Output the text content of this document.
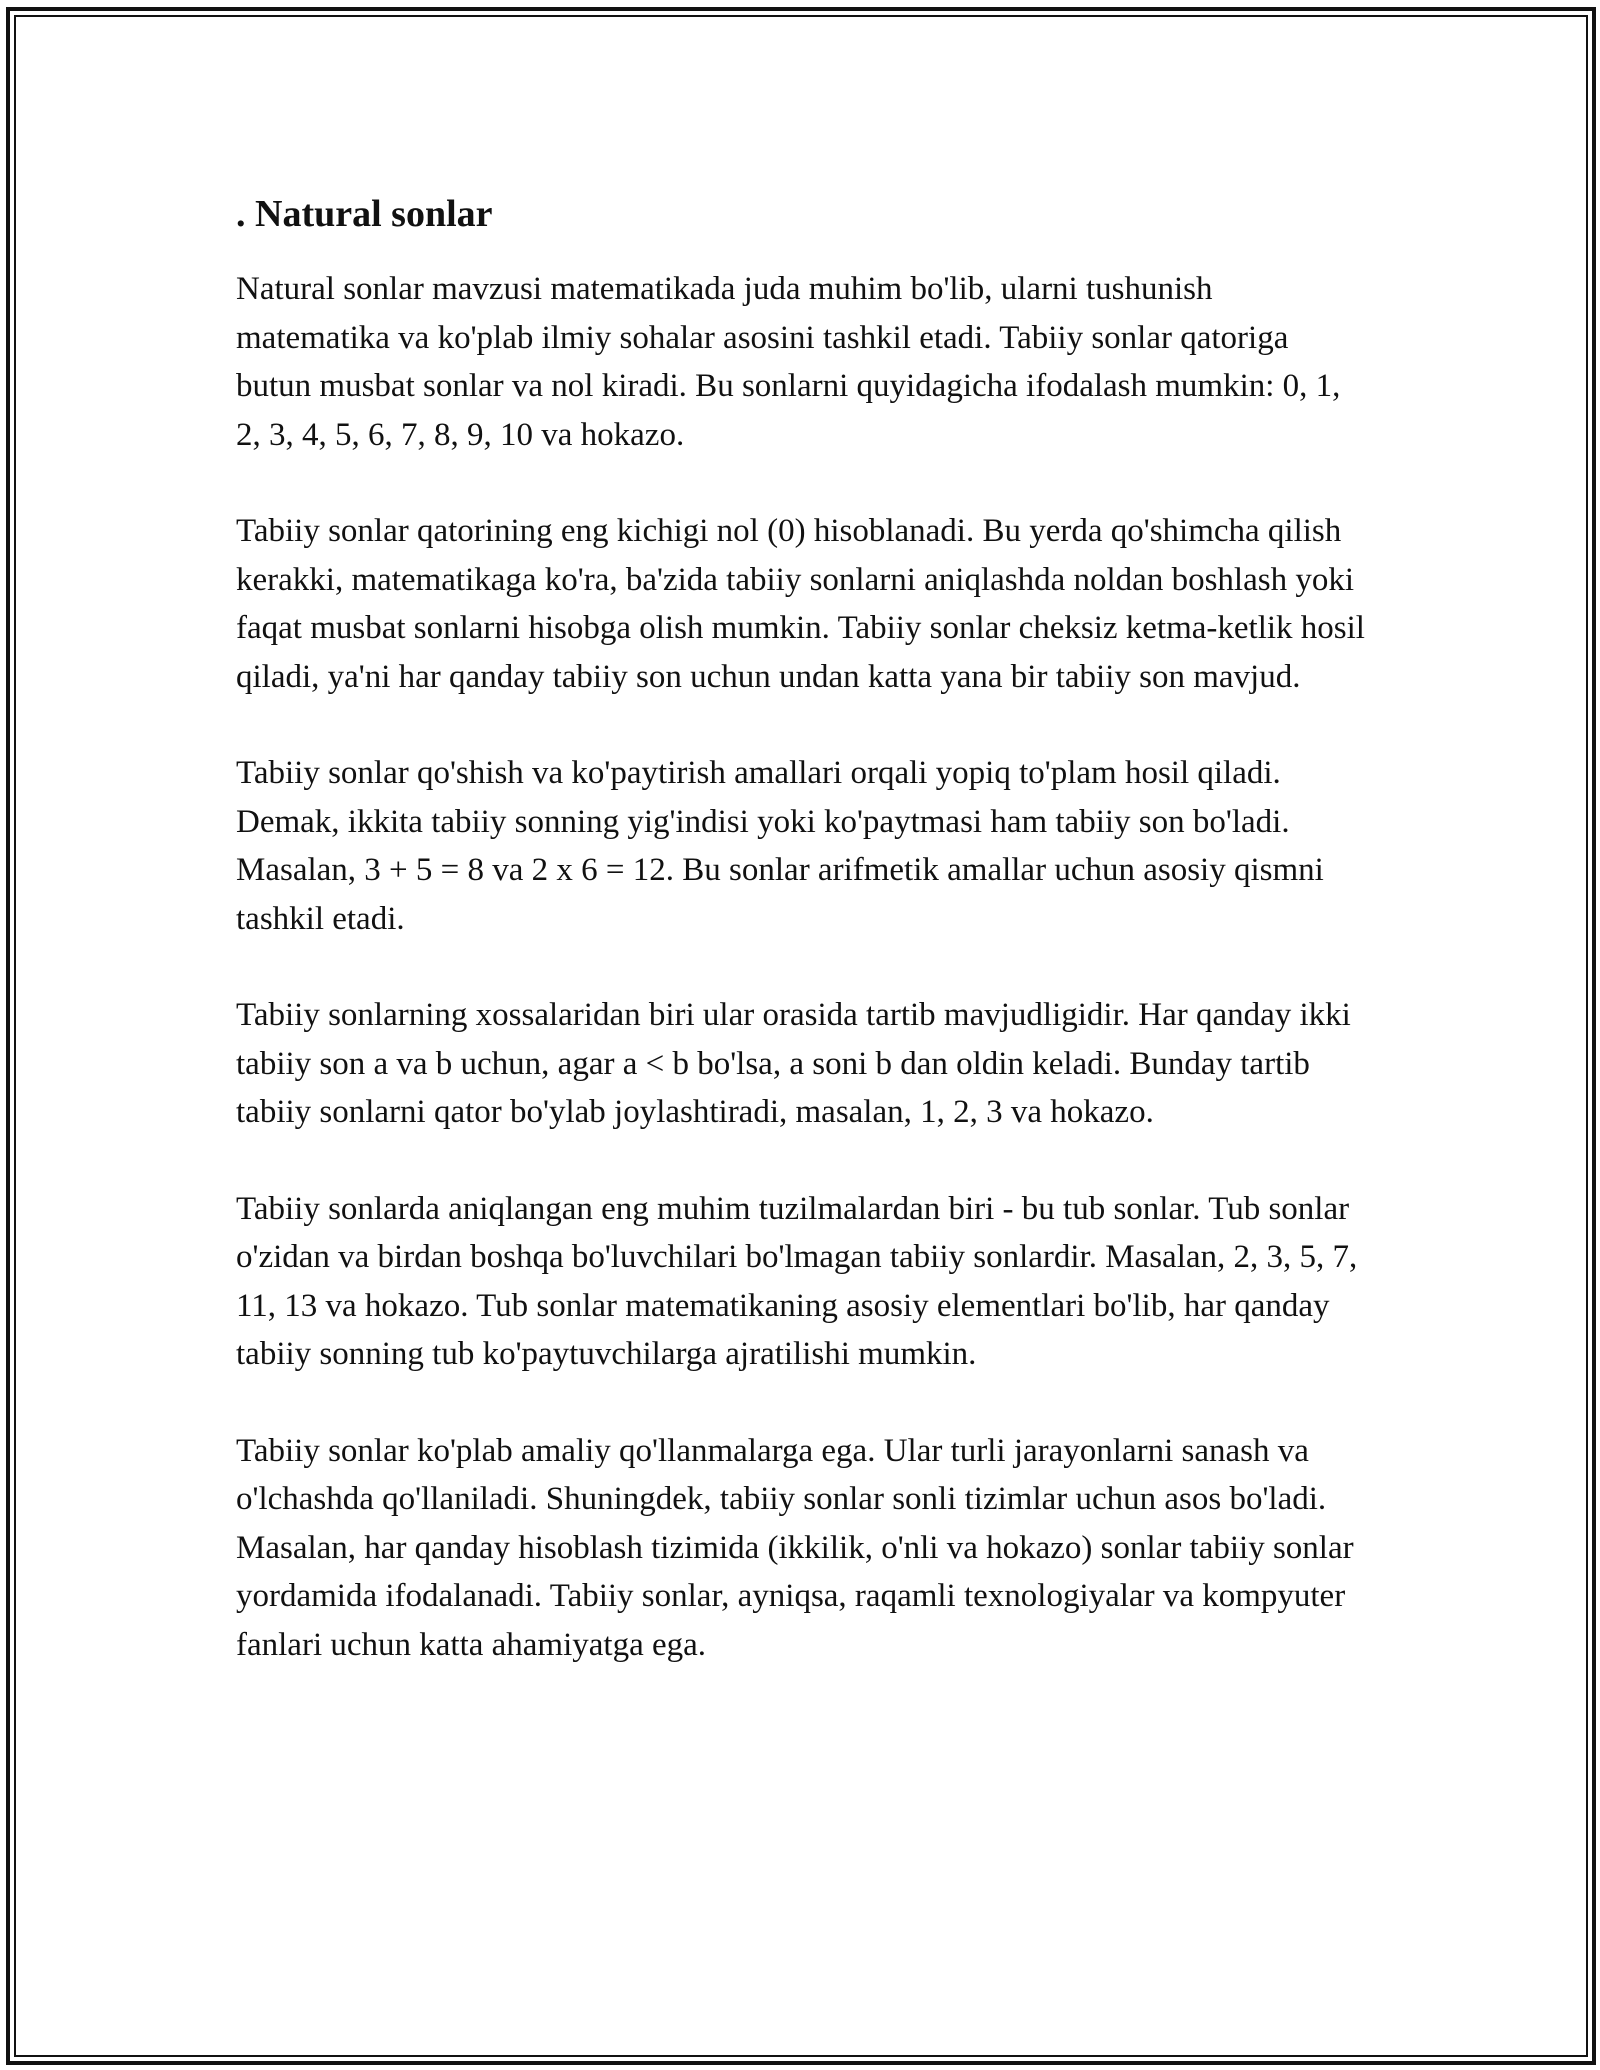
. Natural sonlar

Natural sonlar mavzusi matematikada juda muhim bo'lib, ularni tushunish matematika va ko'plab ilmiy sohalar asosini tashkil etadi. Tabiiy sonlar qatoriga butun musbat sonlar va nol kiradi. Bu sonlarni quyidagicha ifodalash mumkin: 0, 1, 2, 3, 4, 5, 6, 7, 8, 9, 10 va hokazo.

Tabiiy sonlar qatorining eng kichigi nol (0) hisoblanadi. Bu yerda qo'shimcha qilish kerakki, matematikaga ko'ra, ba'zida tabiiy sonlarni aniqlashda noldan boshlash yoki faqat musbat sonlarni hisobga olish mumkin. Tabiiy sonlar cheksiz ketma-ketlik hosil qiladi, ya'ni har qanday tabiiy son uchun undan katta yana bir tabiiy son mavjud.

Tabiiy sonlar qo'shish va ko'paytirish amallari orqali yopiq to'plam hosil qiladi. Demak, ikkita tabiiy sonning yig'indisi yoki ko'paytmasi ham tabiiy son bo'ladi. Masalan, 3 + 5 = 8 va 2 x 6 = 12. Bu sonlar arifmetik amallar uchun asosiy qismni tashkil etadi.

Tabiiy sonlarning xossalaridan biri ular orasida tartib mavjudligidir. Har qanday ikki tabiiy son a va b uchun, agar a < b bo'lsa, a soni b dan oldin keladi. Bunday tartib tabiiy sonlarni qator bo'ylab joylashtiradi, masalan, 1, 2, 3 va hokazo.

Tabiiy sonlarda aniqlangan eng muhim tuzilmalardan biri - bu tub sonlar. Tub sonlar o'zidan va birdan boshqa bo'luvchilari bo'lmagan tabiiy sonlardir. Masalan, 2, 3, 5, 7, 11, 13 va hokazo. Tub sonlar matematikaning asosiy elementlari bo'lib, har qanday tabiiy sonning tub ko'paytuvchilarga ajratilishi mumkin.

Tabiiy sonlar ko'plab amaliy qo'llanmalarga ega. Ular turli jarayonlarni sanash va o'lchashda qo'llaniladi. Shuningdek, tabiiy sonlar sonli tizimlar uchun asos bo'ladi. Masalan, har qanday hisoblash tizimida (ikkilik, o'nli va hokazo) sonlar tabiiy sonlar yordamida ifodalanadi. Tabiiy sonlar, ayniqsa, raqamli texnologiyalar va kompyuter fanlari uchun katta ahamiyatga ega.
